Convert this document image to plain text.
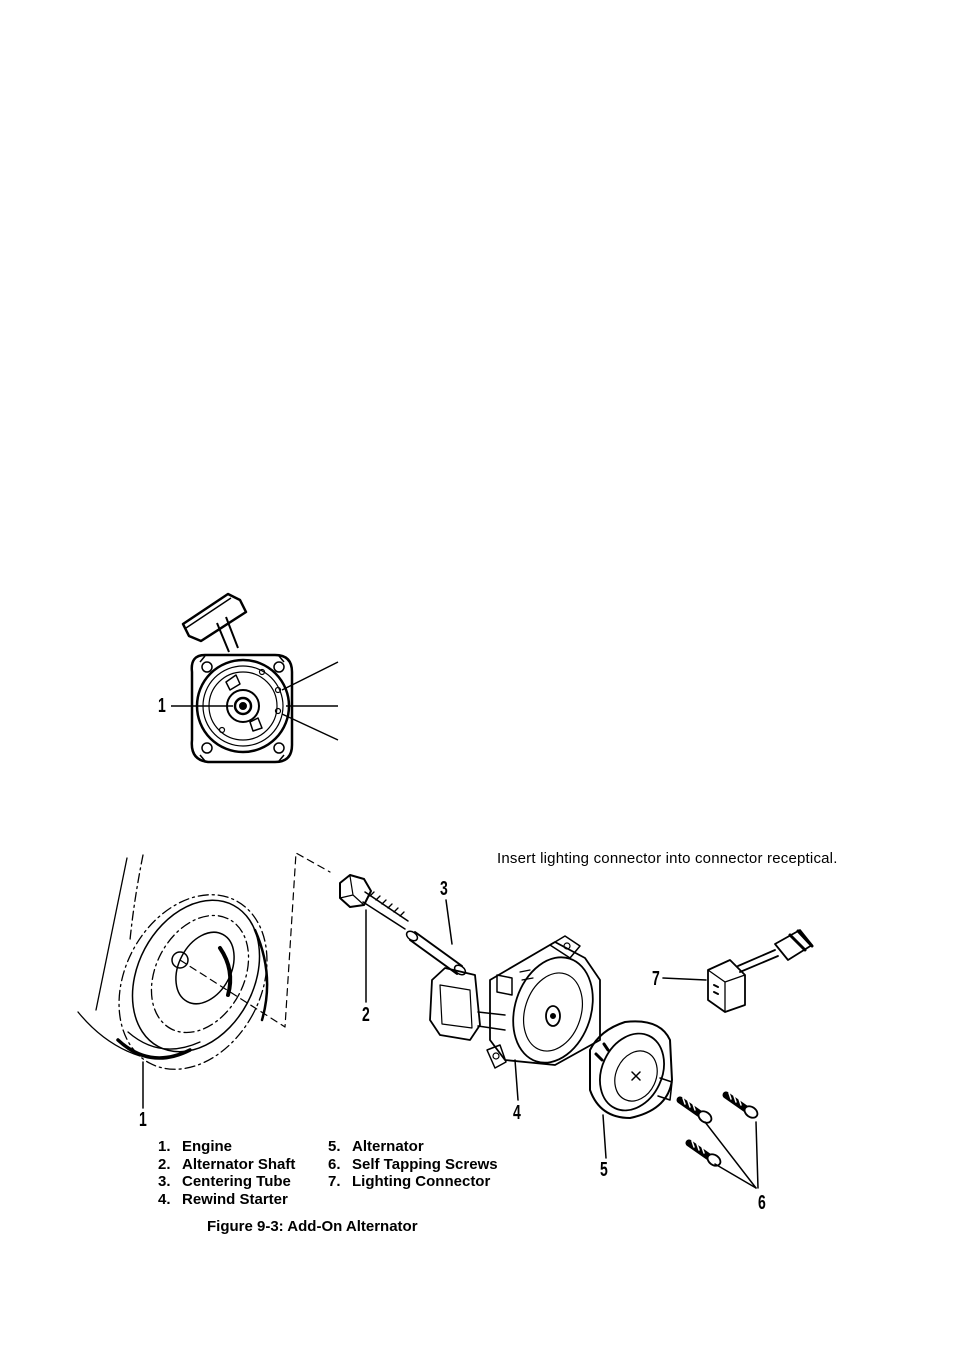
1
1
2
3
4
5
6
7
Insert lighting connector into connector receptical.
1. Engine
2. Alternator Shaft
3. Centering Tube
4. Rewind Starter
5. Alternator
6. Self Tapping Screws
7. Lighting Connector
Figure 9-3: Add-On Alternator
